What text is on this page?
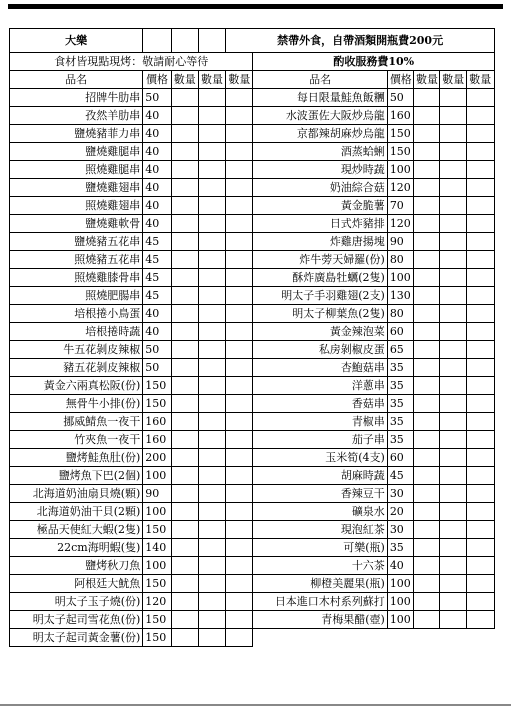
大樂				禁帶外食，自帶酒類開瓶費200元					
食材皆現點現烤：敬請耐心等待					酌收服務費10%				
品名	價格	數量	數量	數量	品名	價格	數量	數量	數量
招牌牛肋串	50				每日限量鮭魚飯糰	50			
孜然羊肋串	40				水波蛋佐大阪炒烏龍	160			
鹽燒豬菲力串	40				京都辣胡麻炒烏龍	150			
鹽燒雞腿串	40				酒蒸蛤蜊	150			
照燒雞腿串	40				現炒時蔬	100			
鹽燒雞翅串	40				奶油綜合菇	120			
照燒雞翅串	40				黃金脆薯	70			
鹽燒雞軟骨	40				日式炸豬排	120			
鹽燒豬五花串	45				炸雞唐揚塊	90			
照燒豬五花串	45				炸牛蒡天婦羅(份)	80			
照燒雞膝骨串	45				酥炸廣島牡蠣(2隻)	100			
照燒肥腸串	45				明太子手羽雞翅(2支)	130			
培根捲小鳥蛋	40				明太子柳葉魚(2隻)	80			
培根捲時蔬	40				黃金辣泡菜	60			
牛五花剝皮辣椒	50				私房剝椒皮蛋	65			
豬五花剝皮辣椒	50				杏鮑菇串	35			
黃金六兩真松阪(份)	150				洋蔥串	35			
無骨牛小排(份)	150				香菇串	35			
挪威鯖魚一夜干	160				青椒串	35			
竹夾魚一夜干	160				茄子串	35			
鹽烤鮭魚肚(份)	200				玉米筍(4支)	60			
鹽烤魚下巴(2個)	100				胡麻時蔬	45			
北海道奶油扇貝燒(顆)	90				香辣豆干	30			
北海道奶油干貝(2顆)	100				礦泉水	20			
極品天使紅大蝦(2隻)	150				現泡紅茶	30			
22cm海明蝦(隻)	140				可樂(瓶)	35			
鹽烤秋刀魚	100				十六茶	40			
阿根廷大魷魚	150				柳橙美麗果(瓶)	100			
明太子玉子燒(份)	120				日本進口木村系列蘇打	100			
明太子起司雪花魚(份)	150				青梅果醋(壺)	100			
明太子起司黃金薯(份)	150								
